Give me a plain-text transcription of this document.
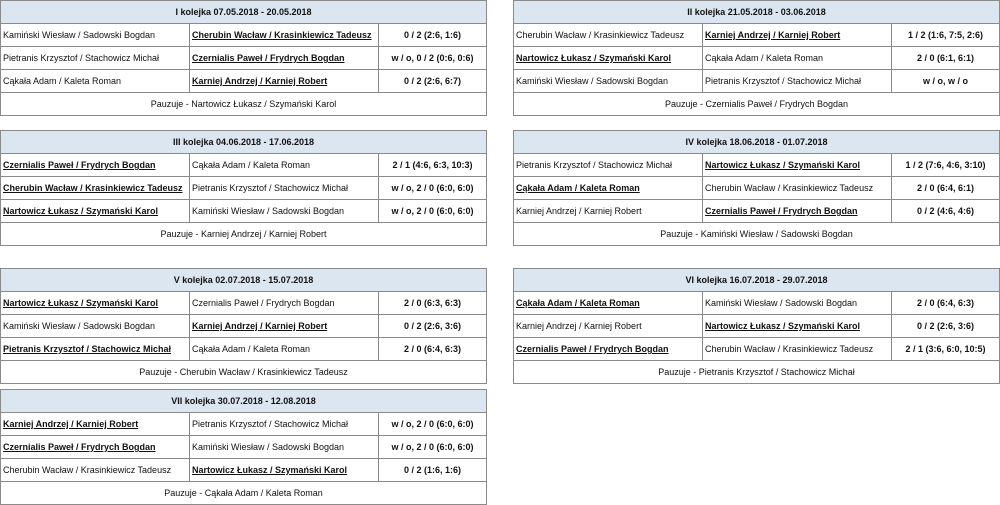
I kolejka 07.05.2018 - 20.05.2018
Kamiński Wiesław / Sadowski Bogdan	Cherubin Wacław / Krasinkiewicz Tadeusz	0 / 2 (2:6, 1:6)
Pietranis Krzysztof / Stachowicz Michał	Czernialis Paweł / Frydrych Bogdan	w / o, 0 / 2 (0:6, 0:6)
Cąkała Adam / Kaleta Roman	Karniej Andrzej / Karniej Robert	0 / 2 (2:6, 6:7)
Pauzuje - Nartowicz Łukasz / Szymański Karol
II kolejka 21.05.2018 - 03.06.2018
Cherubin Wacław / Krasinkiewicz Tadeusz	Karniej Andrzej / Karniej Robert	1 / 2 (1:6, 7:5, 2:6)
Nartowicz Łukasz / Szymański Karol	Cąkała Adam / Kaleta Roman	2 / 0 (6:1, 6:1)
Kamiński Wiesław / Sadowski Bogdan	Pietranis Krzysztof / Stachowicz Michał	w / o, w / o
Pauzuje - Czernialis Paweł / Frydrych Bogdan
III kolejka 04.06.2018 - 17.06.2018
Czernialis Paweł / Frydrych Bogdan	Cąkała Adam / Kaleta Roman	2 / 1 (4:6, 6:3, 10:3)
Cherubin Wacław / Krasinkiewicz Tadeusz	Pietranis Krzysztof / Stachowicz Michał	w / o, 2 / 0 (6:0, 6:0)
Nartowicz Łukasz / Szymański Karol	Kamiński Wiesław / Sadowski Bogdan	w / o, 2 / 0 (6:0, 6:0)
Pauzuje - Karniej Andrzej / Karniej Robert
IV kolejka 18.06.2018 - 01.07.2018
Pietranis Krzysztof / Stachowicz Michał	Nartowicz Łukasz / Szymański Karol	1 / 2 (7:6, 4:6, 3:10)
Cąkała Adam / Kaleta Roman	Cherubin Wacław / Krasinkiewicz Tadeusz	2 / 0 (6:4, 6:1)
Karniej Andrzej / Karniej Robert	Czernialis Paweł / Frydrych Bogdan	0 / 2 (4:6, 4:6)
Pauzuje - Kamiński Wiesław / Sadowski Bogdan
V kolejka 02.07.2018 - 15.07.2018
Nartowicz Łukasz / Szymański Karol	Czernialis Paweł / Frydrych Bogdan	2 / 0 (6:3, 6:3)
Kamiński Wiesław / Sadowski Bogdan	Karniej Andrzej / Karniej Robert	0 / 2 (2:6, 3:6)
Pietranis Krzysztof / Stachowicz Michał	Cąkała Adam / Kaleta Roman	2 / 0 (6:4, 6:3)
Pauzuje - Cherubin Wacław / Krasinkiewicz Tadeusz
VI kolejka 16.07.2018 - 29.07.2018
Cąkała Adam / Kaleta Roman	Kamiński Wiesław / Sadowski Bogdan	2 / 0 (6:4, 6:3)
Karniej Andrzej / Karniej Robert	Nartowicz Łukasz / Szymański Karol	0 / 2 (2:6, 3:6)
Czernialis Paweł / Frydrych Bogdan	Cherubin Wacław / Krasinkiewicz Tadeusz	2 / 1 (3:6, 6:0, 10:5)
Pauzuje - Pietranis Krzysztof / Stachowicz Michał
VII kolejka 30.07.2018 - 12.08.2018
Karniej Andrzej / Karniej Robert	Pietranis Krzysztof / Stachowicz Michał	w / o, 2 / 0 (6:0, 6:0)
Czernialis Paweł / Frydrych Bogdan	Kamiński Wiesław / Sadowski Bogdan	w / o, 2 / 0 (6:0, 6:0)
Cherubin Wacław / Krasinkiewicz Tadeusz	Nartowicz Łukasz / Szymański Karol	0 / 2 (1:6, 1:6)
Pauzuje - Cąkała Adam / Kaleta Roman
